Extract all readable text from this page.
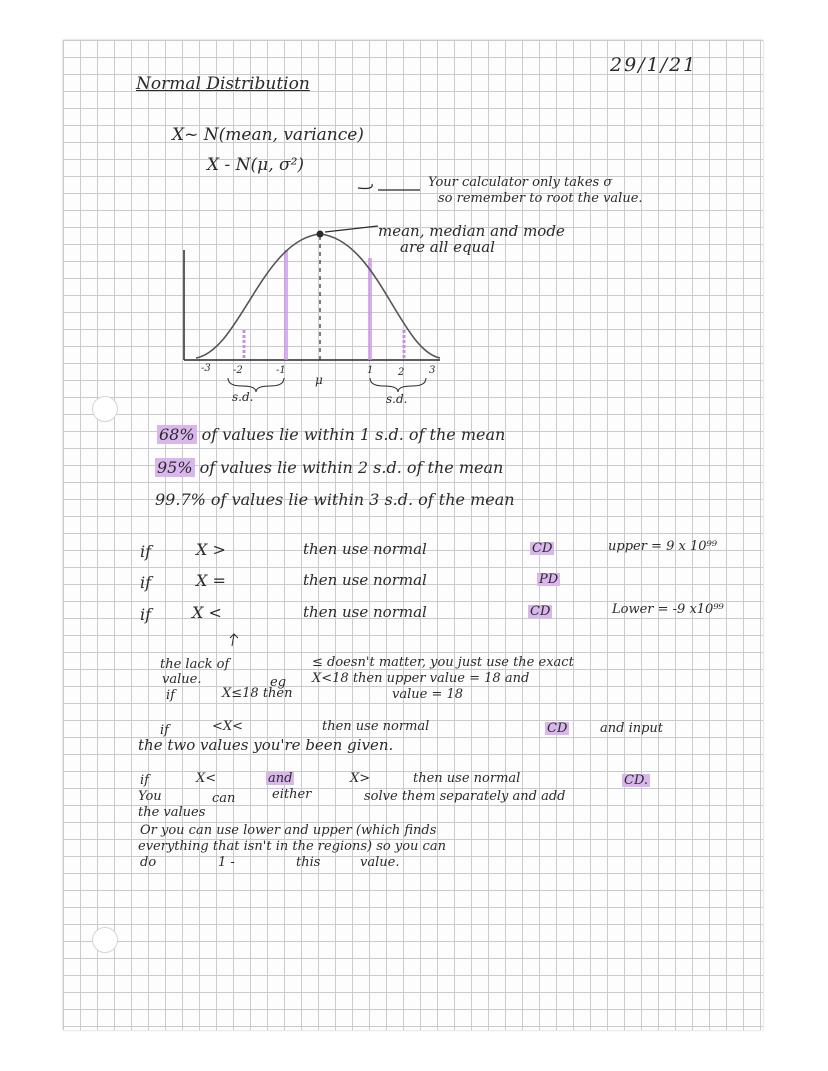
29/1/21
Normal Distribution
X~ N(mean, variance)
X - N(μ, σ²)
Your calculator only takes σ
so remember to root the value.
mean, median and mode
are all equal
-3 -2	-1
μ
1 2 3
s.d.	s.d.
68% of values lie within 1 s.d. of the mean
95% of values lie within 2 s.d. of the mean
99.7% of values lie within 3 s.d. of the mean
if	X >	then use normal	CD	upper = 9 x 10⁹⁹
if	X =	then use normal	PD
if	X <	then use normal	CD	Lower = -9 x10⁹⁹
the lack of	≤ doesn't matter, you just use the exact
value.	eg X<18 then upper value = 18 and
if	X≤18 then	value = 18
if	<X<	then use normal	CD	and input
the two values you're been given.
if	X<	and	X>	then use normal	CD.
You	can	either	solve them separately and add
the values
Or you can use lower and upper (which finds
everything that isn't in the regions) so you can
do	1 -	this	value.
